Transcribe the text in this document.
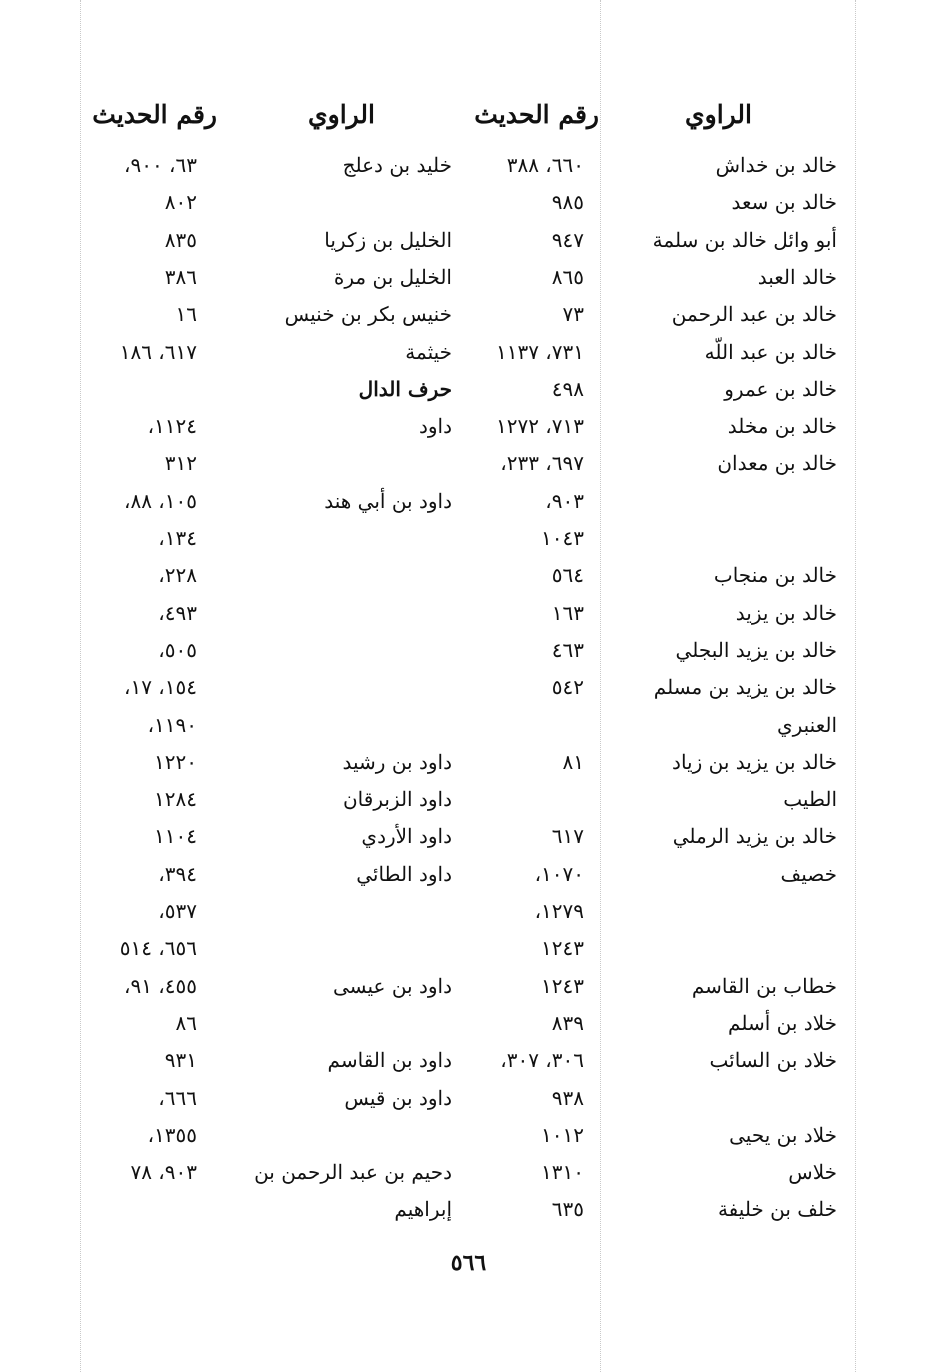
الراوي
رقم الحديث
الراوي
رقم الحديث
خالد بن خداش
٦٦٠، ٣٨٨
خليد بن دعلج
٦٣، ٩٠٠،
خالد بن سعد
٩٨٥
٨٠٢
أبو وائل خالد بن سلمة
٩٤٧
الخليل بن زكريا
٨٣٥
خالد العبد
٨٦٥
الخليل بن مرة
٣٨٦
خالد بن عبد الرحمن
٧٣
خنيس بكر بن خنيس
١٦
خالد بن عبد اللّه
٧٣١، ١١٣٧
خيثمة
٦١٧، ١٨٦
خالد بن عمرو
٤٩٨
حرف الدال
خالد بن مخلد
٧١٣، ١٢٧٢
داود
١١٢٤،
خالد بن معدان
٦٩٧، ٢٣٣،
٣١٢
٩٠٣،
داود بن أبي هند
١٠٥، ٨٨،
١٠٤٣
١٣٤،
خالد بن منجاب
٥٦٤
٢٢٨،
خالد بن يزيد
١٦٣
٤٩٣،
خالد بن يزيد البجلي
٤٦٣
٥٠٥،
خالد بن يزيد بن مسلم
٥٤٢
١٥٤، ١٧،
العنبري
١١٩٠،
خالد بن يزيد بن زياد
٨١
داود بن رشيد
١٢٢٠
الطيب
داود الزبرقان
١٢٨٤
خالد بن يزيد الرملي
٦١٧
داود الأردي
١١٠٤
خصيف
١٠٧٠،
داود الطائي
٣٩٤،
١٢٧٩،
٥٣٧،
١٢٤٣
٦٥٦، ٥١٤
خطاب بن القاسم
١٢٤٣
داود بن عيسى
٤٥٥، ٩١،
خلاد بن أسلم
٨٣٩
٨٦
خلاد بن السائب
٣٠٦، ٣٠٧،
داود بن القاسم
٩٣١
٩٣٨
داود بن قيس
٦٦٦،
خلاد بن يحيى
١٠١٢
١٣٥٥،
خلاس
١٣١٠
دحيم بن عبد الرحمن بن
٩٠٣، ٧٨
خلف بن خليفة
٦٣٥
إبراهيم
٥٦٦
